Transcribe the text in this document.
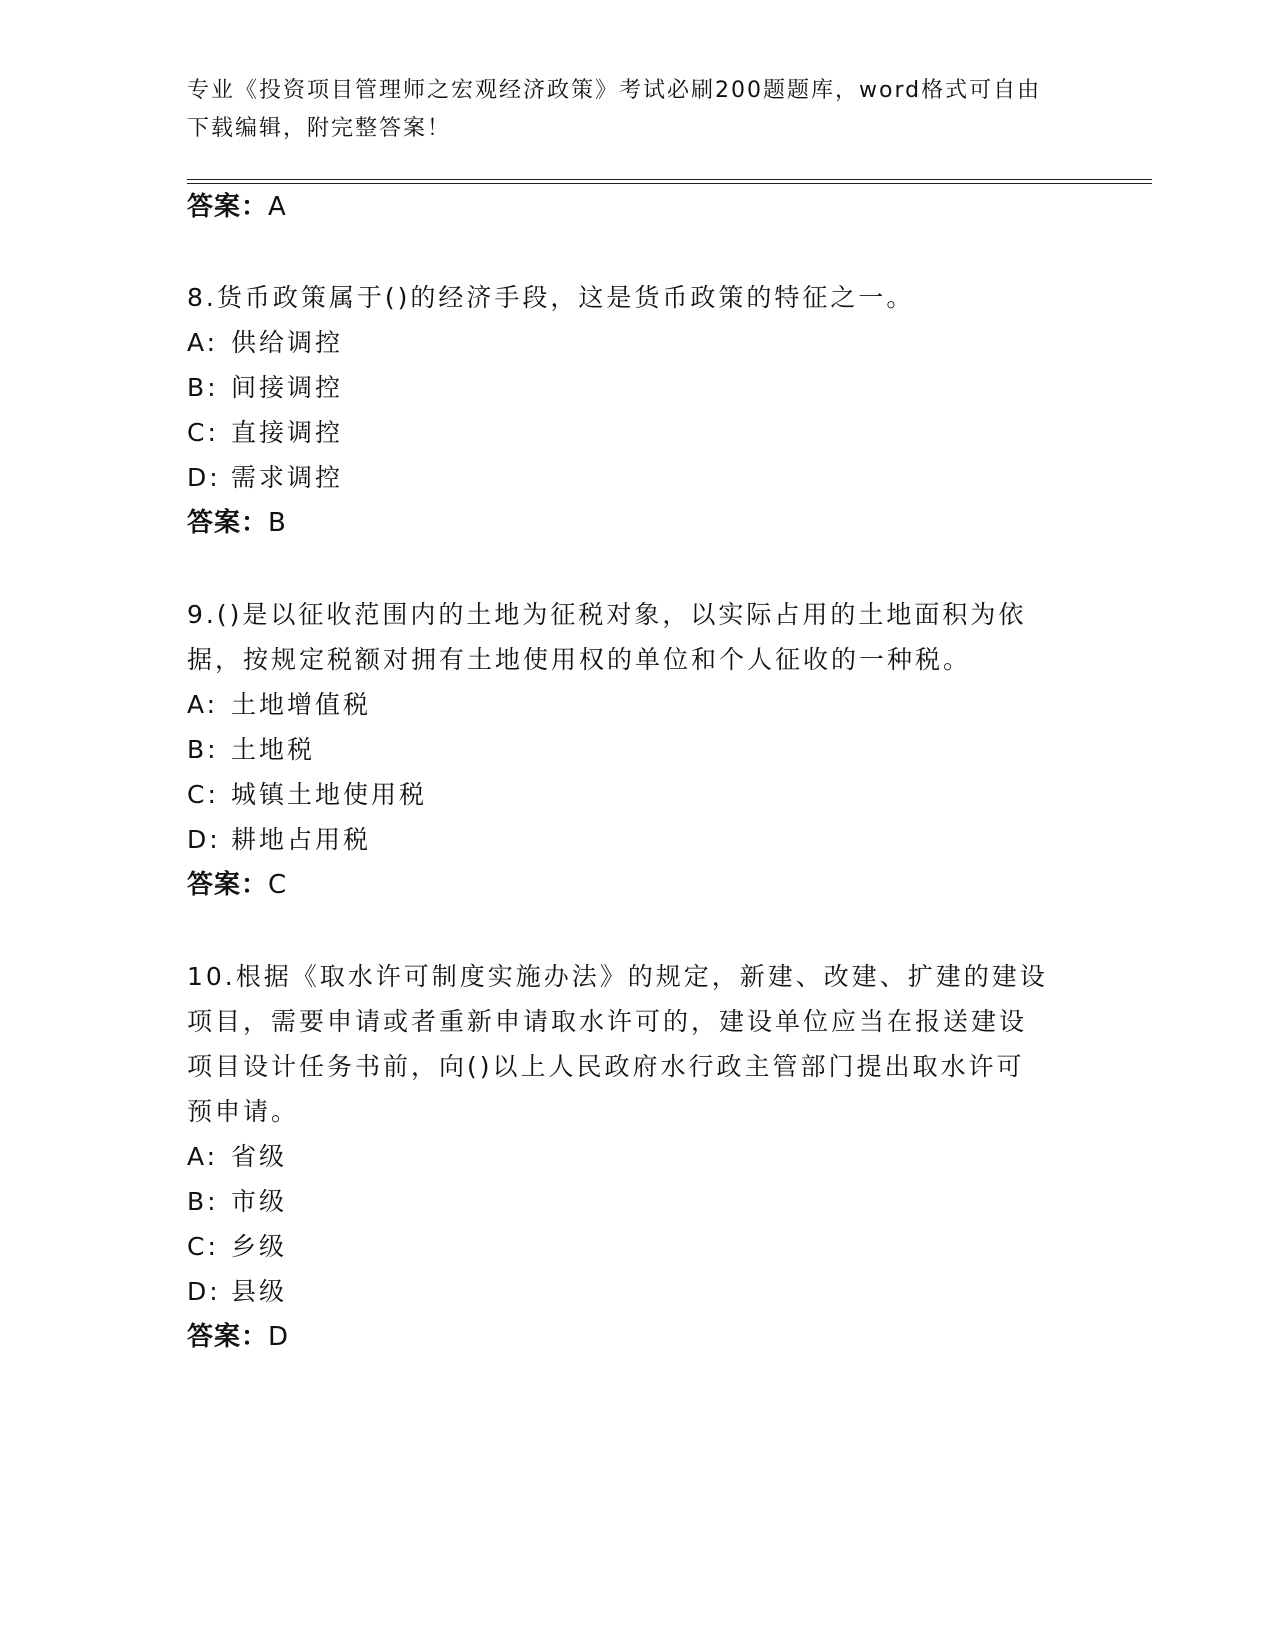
专业《投资项目管理师之宏观经济政策》考试必刷200题题库，word格式可自由
下载编辑，附完整答案！
答案：A
8.货币政策属于()的经济手段，这是货币政策的特征之一。
A: 供给调控
B: 间接调控
C: 直接调控
D: 需求调控
答案：B
9.()是以征收范围内的土地为征税对象，以实际占用的土地面积为依
据，按规定税额对拥有土地使用权的单位和个人征收的一种税。
A: 土地增值税
B: 土地税
C: 城镇土地使用税
D: 耕地占用税
答案：C
10.根据《取水许可制度实施办法》的规定，新建、改建、扩建的建设
项目，需要申请或者重新申请取水许可的，建设单位应当在报送建设
项目设计任务书前，向()以上人民政府水行政主管部门提出取水许可
预申请。
A: 省级
B: 市级
C: 乡级
D: 县级
答案：D
